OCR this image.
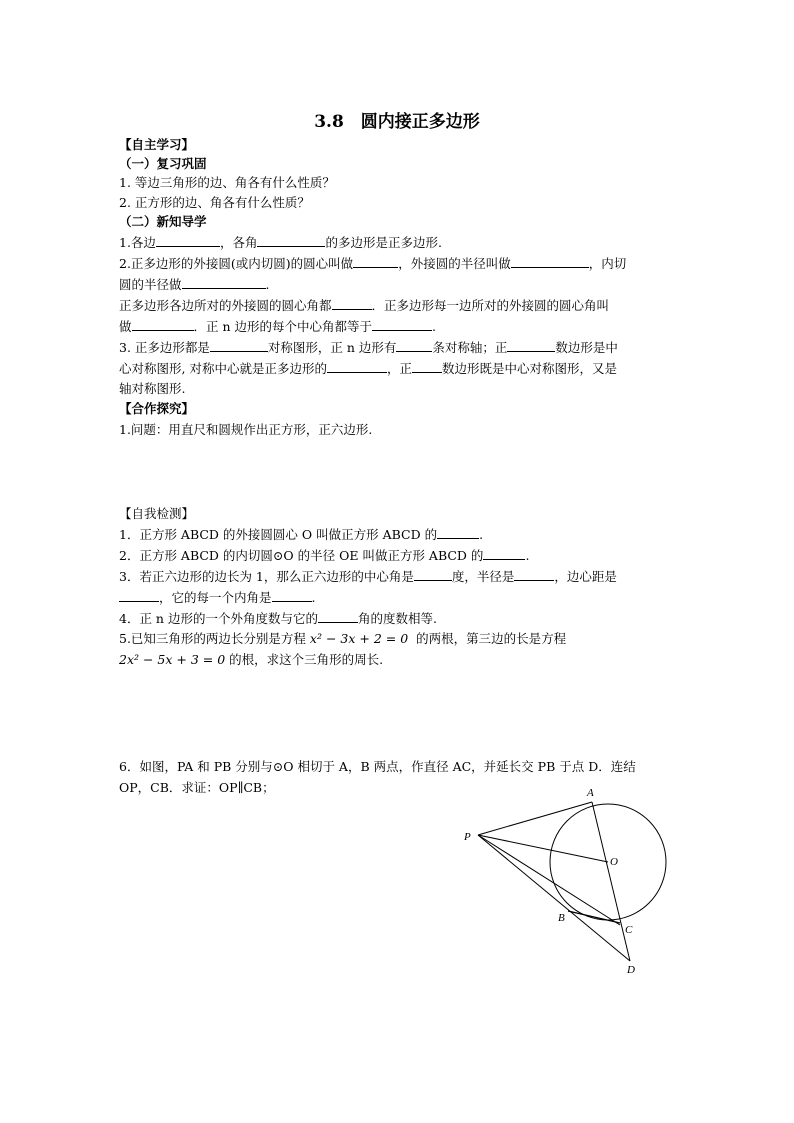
3.8　圆内接正多边形
【自主学习】
（一）复习巩固
1. 等边三角形的边、角各有什么性质？
2. 正方形的边、角各有什么性质？
（二）新知导学
1.各边	，各角	的多边形是正多边形.
2.正多边形的外接圆(或内切圆)的圆心叫做	，外接圆的半径叫做	，内切
圆的半径做	.
正多边形各边所对的外接圆的圆心角都	．正多边形每一边所对的外接圆的圆心角叫
做	．正 n 边形的每个中心角都等于	.
3. 正多边形都是	对称图形，正 n 边形有	条对称轴；正	数边形是中
心对称图形, 对称中心就是正多边形的	，正 数边形既是中心对称图形，又是
轴对称图形.
【合作探究】
1.问题：用直尺和圆规作出正方形，正六边形.
【自我检测】
1．正方形 ABCD 的外接圆圆心 O 叫做正方形 ABCD 的	.
2．正方形 ABCD 的内切圆⊙O 的半径 OE 叫做正方形 ABCD 的	.
3．若正六边形的边长为 1，那么正六边形的中心角是	度，半径是	，边心距是
，它的每一个内角是	.
4．正 n 边形的一个外角度数与它的	角的度数相等.
5.已知三角形的两边长分别是方程 x² − 3x + 2 = 0 的两根，第三边的长是方程
2x² − 5x + 3 = 0 的根，求这个三角形的周长.
6．如图，PA 和 PB 分别与⊙O 相切于 A，B 两点，作直径 AC，并延长交 PB 于点 D．连结
OP，CB．求证：OP∥CB；	A
P
O
B
C
D
